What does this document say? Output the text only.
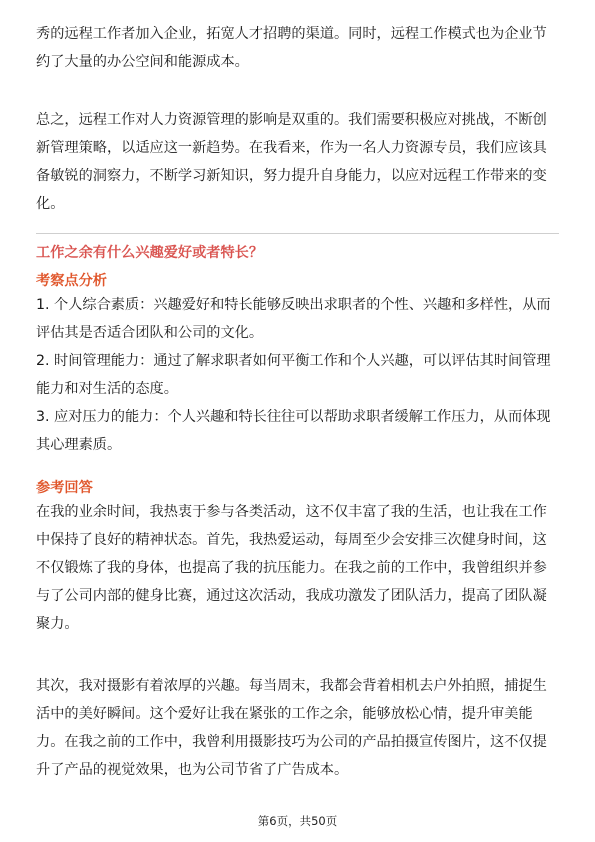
秀的远程工作者加入企业，拓宽人才招聘的渠道。同时，远程工作模式也为企业节

约了大量的办公空间和能源成本。

总之，远程工作对人力资源管理的影响是双重的。我们需要积极应对挑战，不断创

新管理策略，以适应这一新趋势。在我看来，作为一名人力资源专员，我们应该具

备敏锐的洞察力，不断学习新知识，努力提升自身能力，以应对远程工作带来的变

化。

工作之余有什么兴趣爱好或者特长？
考察点分析

1. 个人综合素质：兴趣爱好和特长能够反映出求职者的个性、兴趣和多样性，从而

评估其是否适合团队和公司的文化。

2. 时间管理能力：通过了解求职者如何平衡工作和个人兴趣，可以评估其时间管理

能力和对生活的态度。

3. 应对压力的能力：个人兴趣和特长往往可以帮助求职者缓解工作压力，从而体现

其心理素质。

参考回答

在我的业余时间，我热衷于参与各类活动，这不仅丰富了我的生活，也让我在工作

中保持了良好的精神状态。首先，我热爱运动，每周至少会安排三次健身时间，这

不仅锻炼了我的身体，也提高了我的抗压能力。在我之前的工作中，我曾组织并参

与了公司内部的健身比赛，通过这次活动，我成功激发了团队活力，提高了团队凝

聚力。

其次，我对摄影有着浓厚的兴趣。每当周末，我都会背着相机去户外拍照，捕捉生

活中的美好瞬间。这个爱好让我在紧张的工作之余，能够放松心情，提升审美能

力。在我之前的工作中，我曾利用摄影技巧为公司的产品拍摄宣传图片，这不仅提

升了产品的视觉效果，也为公司节省了广告成本。

第6页，共50页
